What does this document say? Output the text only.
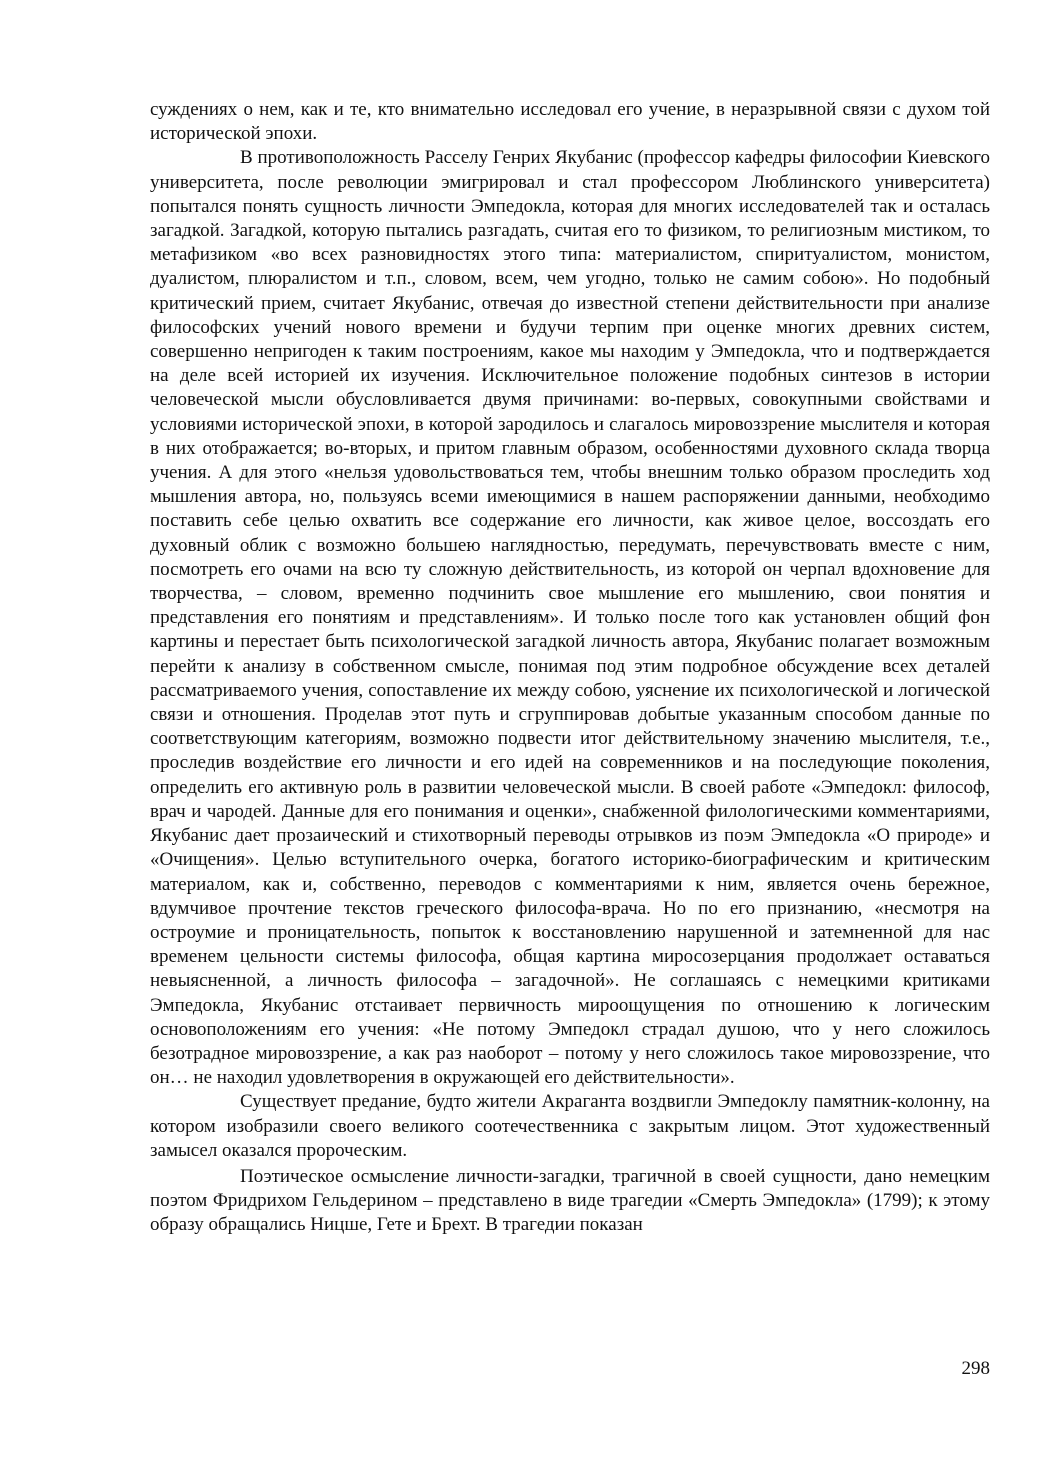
суждениях о нем, как и те, кто внимательно исследовал его учение, в неразрывной связи с духом той исторической эпохи.

В противоположность Расселу Генрих Якубанис (профессор кафедры философии Киевского университета, после революции эмигрировал и стал профессором Люблинского университета) попытался понять сущность личности Эмпедокла, которая для многих исследователей так и осталась загадкой. Загадкой, которую пытались разгадать, считая его то физиком, то религиозным мистиком, то метафизиком «во всех разновидностях этого типа: материалистом, спиритуалистом, монистом, дуалистом, плюралистом и т.п., словом, всем, чем угодно, только не самим собою». Но подобный критический прием, считает Якубанис, отвечая до известной степени действительности при анализе философских учений нового времени и будучи терпим при оценке многих древних систем, совершенно непригоден к таким построениям, какое мы находим у Эмпедокла, что и подтверждается на деле всей историей их изучения. Исключительное положение подобных синтезов в истории человеческой мысли обусловливается двумя причинами: во-первых, совокупными свойствами и условиями исторической эпохи, в которой зародилось и слагалось мировоззрение мыслителя и которая в них отображается; во-вторых, и притом главным образом, особенностями духовного склада творца учения. А для этого «нельзя удовольствоваться тем, чтобы внешним только образом проследить ход мышления автора, но, пользуясь всеми имеющимися в нашем распоряжении данными, необходимо поставить себе целью охватить все содержание его личности, как живое целое, воссоздать его духовный облик с возможно большею наглядностью, передумать, перечувствовать вместе с ним, посмотреть его очами на всю ту сложную действительность, из которой он черпал вдохновение для творчества, – словом, временно подчинить свое мышление его мышлению, свои понятия и представления его понятиям и представлениям». И только после того как установлен общий фон картины и перестает быть психологической загадкой личность автора, Якубанис полагает возможным перейти к анализу в собственном смысле, понимая под этим подробное обсуждение всех деталей рассматриваемого учения, сопоставление их между собою, уяснение их психологической и логической связи и отношения. Проделав этот путь и сгруппировав добытые указанным способом данные по соответствующим категориям, возможно подвести итог действительному значению мыслителя, т.е., проследив воздействие его личности и его идей на современников и на последующие поколения, определить его активную роль в развитии человеческой мысли. В своей работе «Эмпедокл: философ, врач и чародей. Данные для его понимания и оценки», снабженной филологическими комментариями, Якубанис дает прозаический и стихотворный переводы отрывков из поэм Эмпедокла «О природе» и «Очищения». Целью вступительного очерка, богатого историко-биографическим и критическим материалом, как и, собственно, переводов с комментариями к ним, является очень бережное, вдумчивое прочтение текстов греческого философа-врача. Но по его признанию, «несмотря на остроумие и проницательность, попыток к восстановлению нарушенной и затемненной для нас временем цельности системы философа, общая картина миросозерцания продолжает оставаться невыясненной, а личность философа – загадочной». Не соглашаясь с немецкими критиками Эмпедокла, Якубанис отстаивает первичность мироощущения по отношению к логическим основоположениям его учения: «Не потому Эмпедокл страдал душою, что у него сложилось безотрадное мировоззрение, а как раз наоборот – потому у него сложилось такое мировоззрение, что он… не находил удовлетворения в окружающей его действительности».

Существует предание, будто жители Акраганта воздвигли Эмпедоклу памятник-колонну, на котором изобразили своего великого соотечественника с закрытым лицом. Этот художественный замысел оказался пророческим.

Поэтическое осмысление личности-загадки, трагичной в своей сущности, дано немецким поэтом Фридрихом Гельдерином – представлено в виде трагедии «Смерть Эмпедокла» (1799); к этому образу обращались Ницше, Гете и Брехт. В трагедии показан

298
